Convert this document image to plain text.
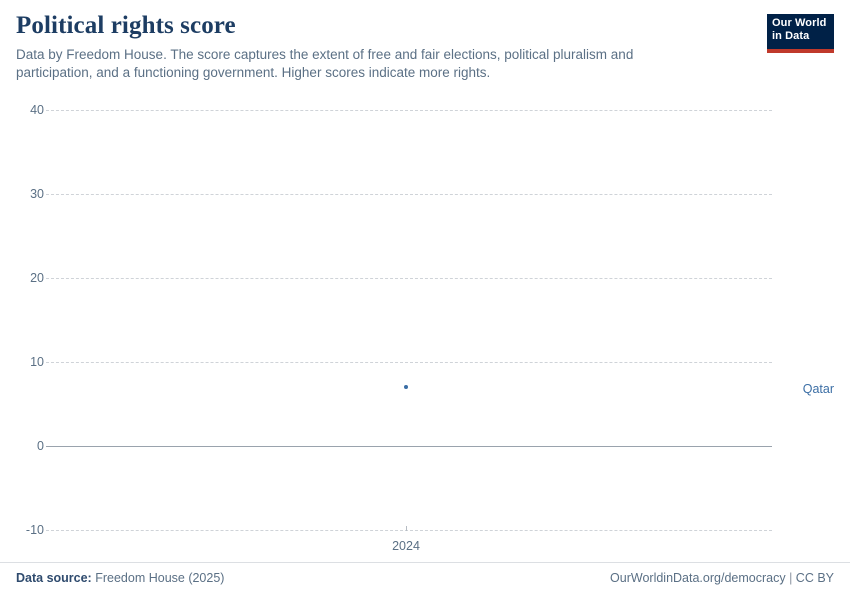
Political rights score

Data by Freedom House. The score captures the extent of free and fair elections, political pluralism and participation, and a functioning government. Higher scores indicate more rights.

Our World
in Data
40
30
20
10
0
-10
2024
Qatar
Data source: Freedom House (2025)	OurWorldinData.org/democracy | CC BY
